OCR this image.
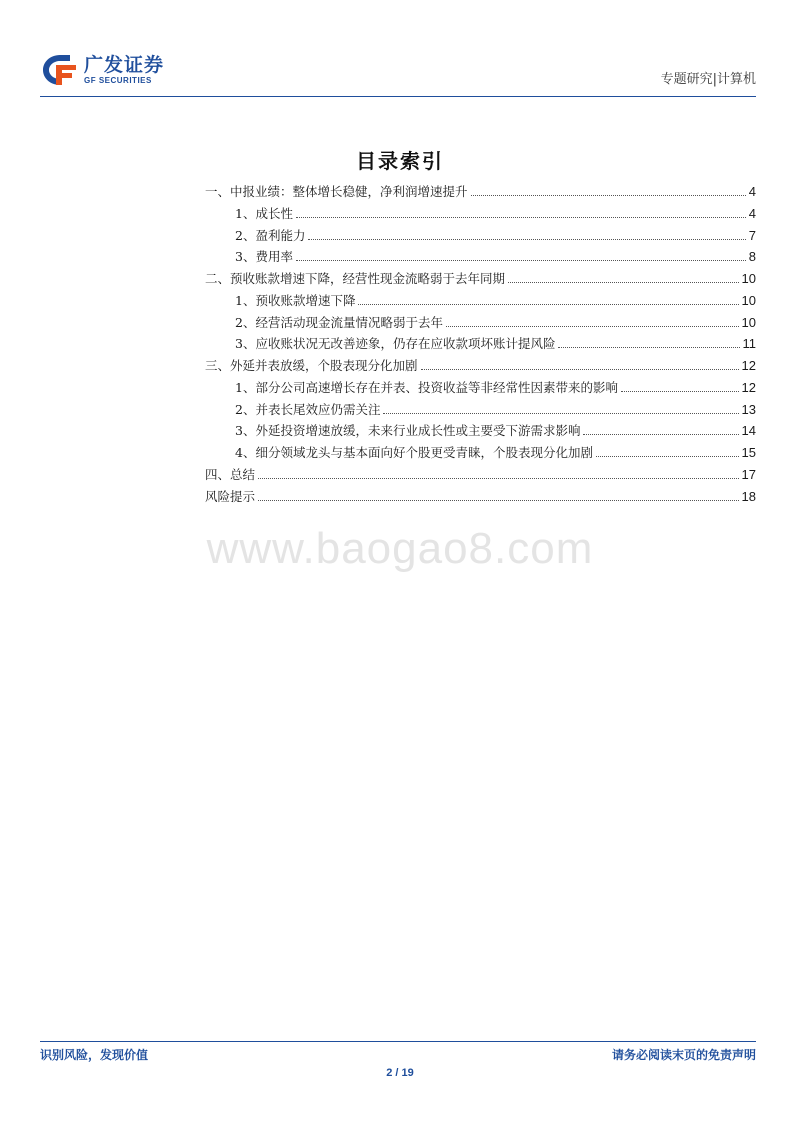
广发证券
GF SECURITIES	专题研究|计算机
目录索引
一、中报业绩：整体增长稳健，净利润增速提升	4
1、成长性	4
2、盈利能力	7
3、费用率	8
二、预收账款增速下降，经营性现金流略弱于去年同期	10
1、预收账款增速下降	10
2、经营活动现金流量情况略弱于去年	10
3、应收账状况无改善迹象，仍存在应收款项坏账计提风险	11
三、外延并表放缓，个股表现分化加剧	12
1、部分公司高速增长存在并表、投资收益等非经常性因素带来的影响	12
2、并表长尾效应仍需关注	13
3、外延投资增速放缓，未来行业成长性或主要受下游需求影响	14
4、细分领域龙头与基本面向好个股更受青睐，个股表现分化加剧	15
四、总结	17
风险提示	18
www.baogao8.com
识别风险，发现价值	请务必阅读末页的免责声明
2 / 19
